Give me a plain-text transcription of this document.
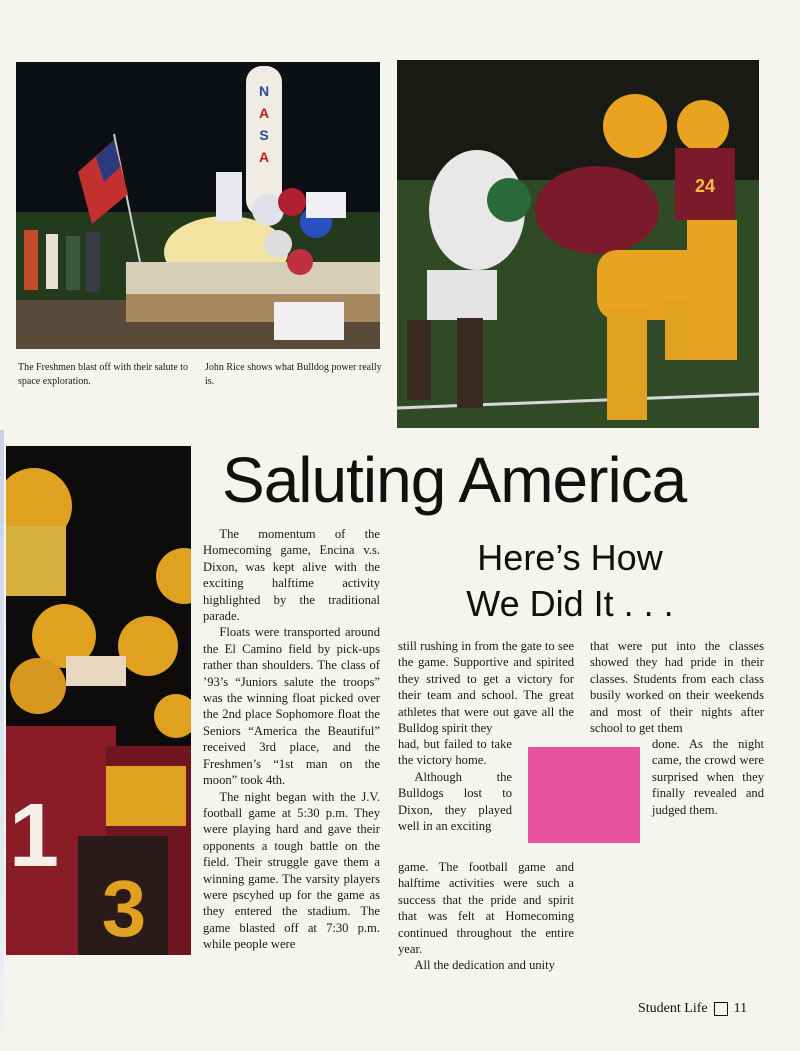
N
A
S
A
The Freshmen blast off with their salute to space exploration.
John Rice shows what Bulldog power really is.
24
1
3
Saluting America
Here’s How
We Did It . . .

The momentum of the Homecoming game, Encina v.s. Dixon, was kept alive with the exciting halftime activity highlighted by the traditional parade.

Floats were transported around the El Camino field by pick-ups rather than shoulders. The class of ’93’s “Juniors salute the troops” was the winning float picked over the 2nd place Sophomore float the Seniors “America the Beautiful” received 3rd place, and the Freshmen’s “1st man on the moon” took 4th.

The night began with the J.V. football game at 5:30 p.m. They were playing hard and gave their opponents a tough battle on the field. Their struggle gave them a winning game. The varsity players were pscyhed up for the game as they entered the stadium. The game blasted off at 7:30 p.m. while people were

still rushing in from the gate to see the game. Supportive and spirited they strived to get a victory for their team and school. The great athletes that were out gave all the Bulldog spirit they

had, but failed to take the victory home.

Although the Bulldogs lost to Dixon, they played well in an exciting

game. The football game and halftime activities were such a success that the pride and spirit that was felt at Homecoming continued throughout the entire year.

All the dedication and unity

that were put into the classes showed they had pride in their classes. Students from each class busily worked on their weekends and most of their nights after school to get them

done. As the night came, the crowd were surprised when they finally revealed and judged them.

Student Life 11
